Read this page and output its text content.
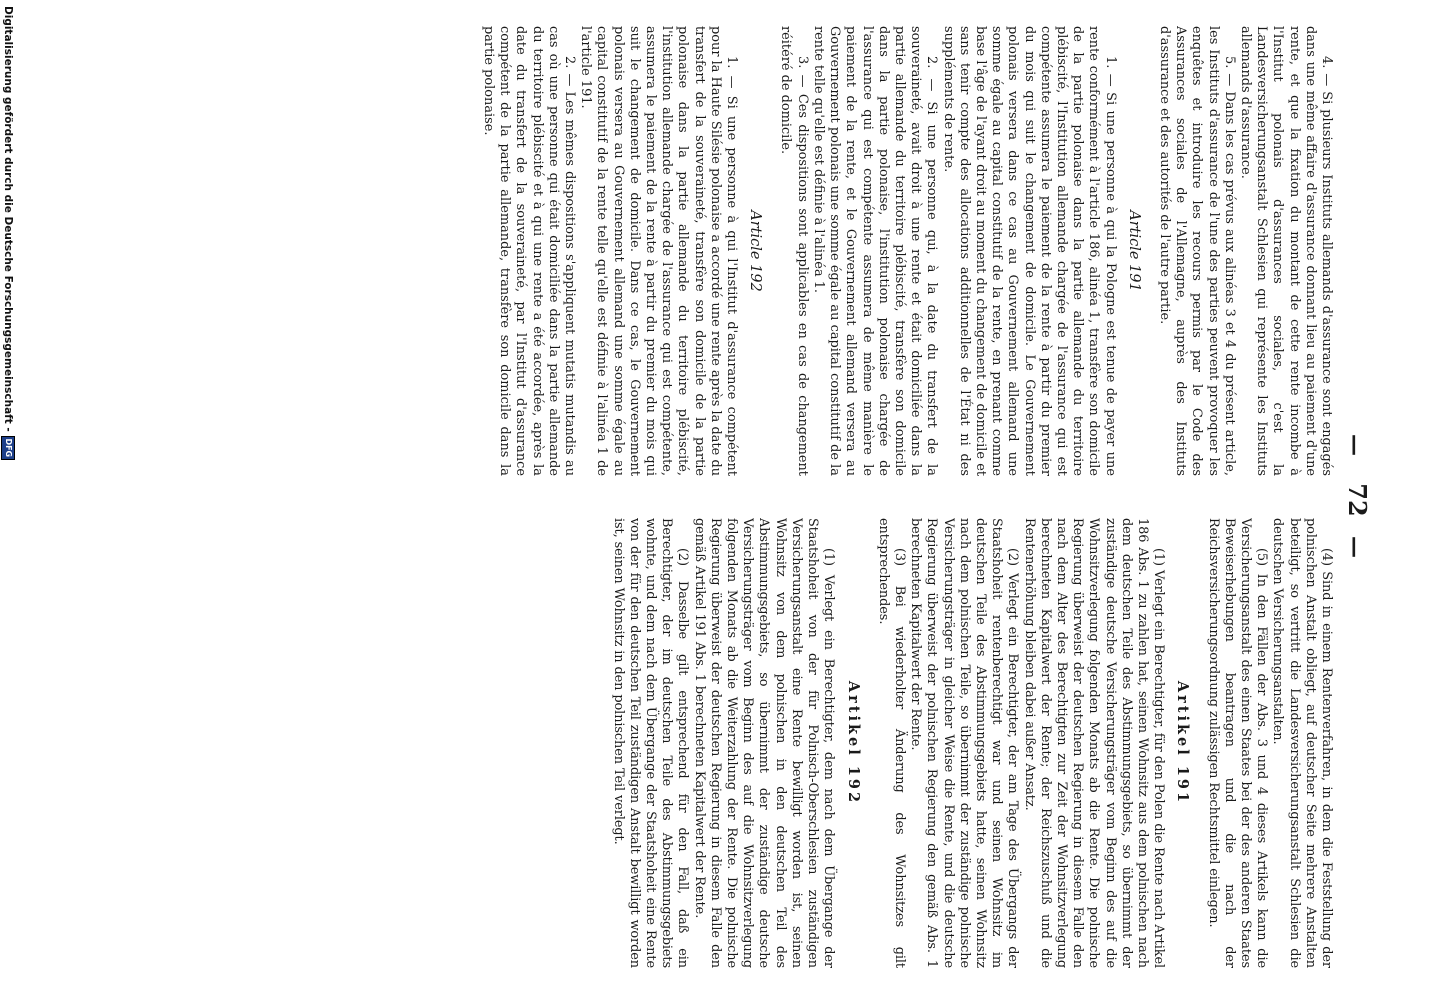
—
72
—

4. — Si plusieurs Instituts allemands d'assurance sont engagés dans une même affaire d'assurance donnant lieu au paiement d'une rente, et que la fixation du montant de cette rente incombe à l'Institut polonais d'assurances sociales, c'est la Landesversicherungsanstalt Schlesien qui représente les Instituts allemands d'assurance.

5. — Dans les cas prévus aux alinéas 3 et 4 du présent article, les Instituts d'assurance de l'une des parties peuvent provoquer les enquêtes et introduire les recours permis par le Code des Assurances sociales de l'Allemagne, auprès des Instituts d'assurance et des autorités de l'autre partie.

Article 191

1. — Si une personne à qui la Pologne est tenue de payer une rente conformément à l'article 186, alinéa 1, transfère son domicile de la partie polonaise dans la partie allemande du territoire plébiscité, l'Institution allemande chargée de l'assurance qui est compétente assumera le paiement de la rente à partir du premier du mois qui suit le changement de domicile. Le Gouvernement polonais versera dans ce cas au Gouvernement allemand une somme égale au capital constitutif de la rente, en prenant comme base l'âge de l'ayant droit au moment du changement de domicile et sans tenir compte des allocations additionnelles de l'État ni des suppléments de rente.

2. — Si une personne qui, à la date du transfert de la souveraineté, avait droit à une rente et était domiciliée dans la partie allemande du territoire plébiscité, transfère son domicile dans la partie polonaise, l'institution polonaise chargée de l'assurance qui est compétente assumera de même manière le paiement de la rente, et le Gouvernement allemand versera au Gouvernement polonais une somme égale au capital constitutif de la rente telle qu'elle est définie à l'alinéa 1.

3. — Ces dispositions sont applicables en cas de changement réitéré de domicile.

Article 192

1. — Si une personne à qui l'Institut d'assurance compétent pour la Haute Silésie polonaise a accordé une rente après la date du transfert de la souveraineté, transfère son domicile de la partie polonaise dans la partie allemande du territoire plébiscité, l'institution allemande chargée de l'assurance qui est compétente, assumera le paiement de la rente à partir du premier du mois qui suit le changement de domicile. Dans ce cas, le Gouvernement polonais versera au Gouvernement allemand une somme égale au capital constitutif de la rente telle qu'elle est définie à l'alinéa 1 de l'article 191.

2. — Les mêmes dispositions s'appliquent mutatis mutandis au cas où une personne qui était domiciliée dans la partie allemande du territoire plébiscité et à qui une rente a été accordée, après la date du transfert de la souveraineté, par l'Institut d'assurance compétent de la partie allemande, transfère son domicile dans la partie polonaise.

(4) Sind in einem Rentenverfahren, in dem die Feststellung der polnischen Anstalt obliegt, auf deutscher Seite mehrere Anstalten beteiligt, so vertritt die Landesversicherungsanstalt Schlesien die deutschen Versicherungsanstalten.

(5) In den Fällen der Abs. 3 und 4 dieses Artikels kann die Versicherungsanstalt des einen Staates bei der des anderen Staates Beweiserhebungen beantragen und die nach der Reichsversicherungsordnung zulässigen Rechtsmittel einlegen.

Artikel 191

(1) Verlegt ein Berechtigter, für den Polen die Rente nach Artikel 186 Abs. 1 zu zahlen hat, seinen Wohnsitz aus dem polnischen nach dem deutschen Teile des Abstimmungsgebiets, so übernimmt der zuständige deutsche Versicherungsträger vom Beginn des auf die Wohnsitzverlegung folgenden Monats ab die Rente. Die polnische Regierung überweist der deutschen Regierung in diesem Falle den nach dem Alter des Berechtigten zur Zeit der Wohnsitzverlegung berechneten Kapitalwert der Rente; der Reichszuschuß und die Rentenerhöhung bleiben dabei außer Ansatz.

(2) Verlegt ein Berechtigter, der am Tage des Übergangs der Staatshoheit rentenberechtigt war und seinen Wohnsitz im deutschen Teile des Abstimmungsgebiets hatte, seinen Wohnsitz nach dem polnischen Teile, so übernimmt der zuständige polnische Versicherungsträger in gleicher Weise die Rente, und die deutsche Regierung überweist der polnischen Regierung den gemäß Abs. 1 berechneten Kapitalwert der Rente.

(3) Bei wiederholter Änderung des Wohnsitzes gilt entsprechendes.

Artikel 192

(1) Verlegt ein Berechtigter, dem nach dem Übergange der Staatshoheit von der für Polnisch-Oberschlesien zuständigen Versicherungsanstalt eine Rente bewilligt worden ist, seinen Wohnsitz von dem polnischen in den deutschen Teil des Abstimmungsgebiets, so übernimmt der zuständige deutsche Versicherungsträger vom Beginn des auf die Wohnsitzverlegung folgenden Monats ab die Weiterzahlung der Rente. Die polnische Regierung überweist der deutschen Regierung in diesem Falle den gemäß Artikel 191 Abs. 1 berechneten Kapitalwert der Rente.

(2) Dasselbe gilt entsprechend für den Fall, daß ein Berechtigter, der im deutschen Teile des Abstimmungsgebiets wohnte, und dem nach dem Übergange der Staatshoheit eine Rente von der für den deutschen Teil zuständigen Anstalt bewilligt worden ist, seinen Wohnsitz in den polnischen Teil verlegt.

Digitalisierung gefördert durch die Deutsche Forschungsgemeinschaft -
DFG
